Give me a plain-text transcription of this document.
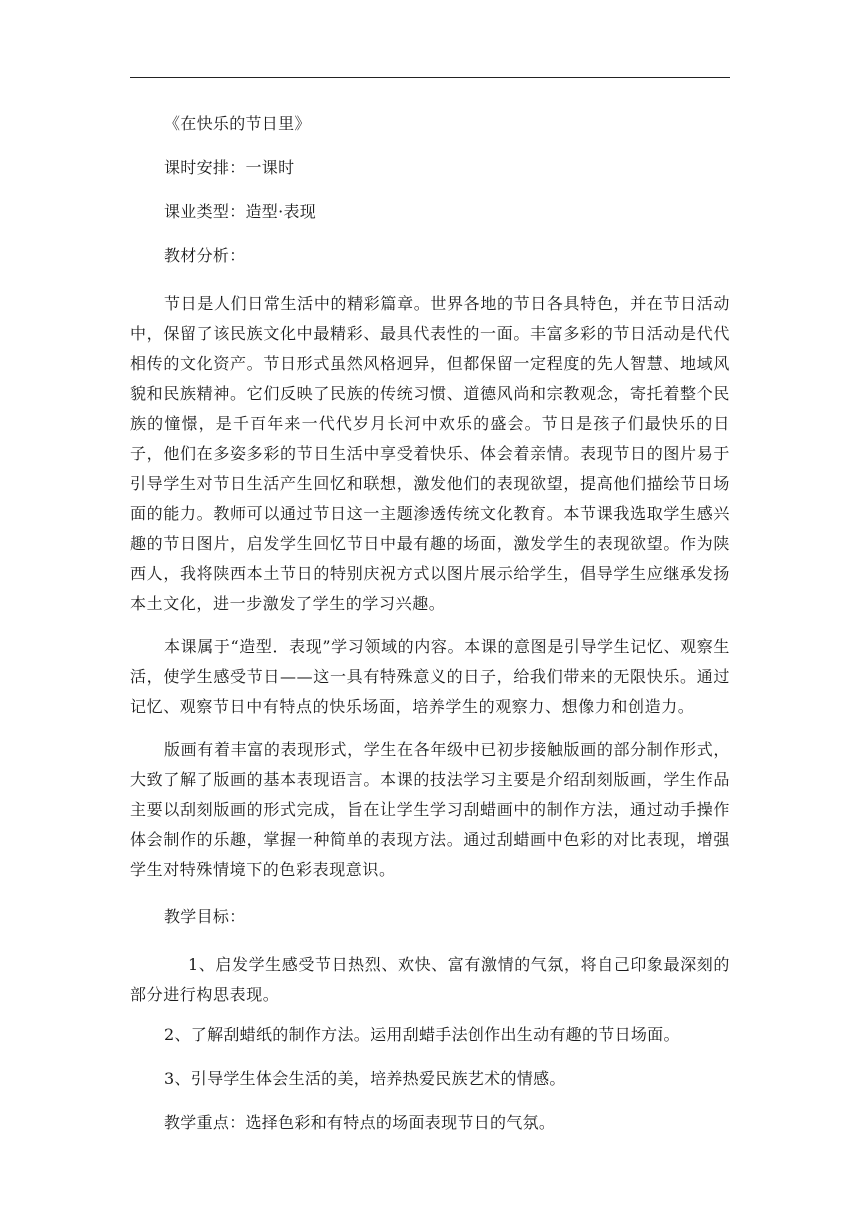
《在快乐的节日里》

课时安排：一课时

课业类型：造型·表现

教材分析：

节日是人们日常生活中的精彩篇章。世界各地的节日各具特色，并在节日活动中，保留了该民族文化中最精彩、最具代表性的一面。丰富多彩的节日活动是代代相传的文化资产。节日形式虽然风格迥异，但都保留一定程度的先人智慧、地域风貌和民族精神。它们反映了民族的传统习惯、道德风尚和宗教观念，寄托着整个民族的憧憬，是千百年来一代代岁月长河中欢乐的盛会。节日是孩子们最快乐的日子，他们在多姿多彩的节日生活中享受着快乐、体会着亲情。表现节日的图片易于引导学生对节日生活产生回忆和联想，激发他们的表现欲望，提高他们描绘节日场面的能力。教师可以通过节日这一主题渗透传统文化教育。本节课我选取学生感兴趣的节日图片，启发学生回忆节日中最有趣的场面，激发学生的表现欲望。作为陕西人，我将陕西本土节日的特别庆祝方式以图片展示给学生，倡导学生应继承发扬本土文化，进一步激发了学生的学习兴趣。

本课属于“造型．表现”学习领域的内容。本课的意图是引导学生记忆、观察生活，使学生感受节日——这一具有特殊意义的日子，给我们带来的无限快乐。通过记忆、观察节日中有特点的快乐场面，培养学生的观察力、想像力和创造力。

版画有着丰富的表现形式，学生在各年级中已初步接触版画的部分制作形式，大致了解了版画的基本表现语言。本课的技法学习主要是介绍刮刻版画，学生作品主要以刮刻版画的形式完成，旨在让学生学习刮蜡画中的制作方法，通过动手操作体会制作的乐趣，掌握一种简单的表现方法。通过刮蜡画中色彩的对比表现，增强学生对特殊情境下的色彩表现意识。

教学目标：

1、启发学生感受节日热烈、欢快、富有激情的气氛，将自己印象最深刻的部分进行构思表现。

2、了解刮蜡纸的制作方法。运用刮蜡手法创作出生动有趣的节日场面。

3、引导学生体会生活的美，培养热爱民族艺术的情感。

教学重点：选择色彩和有特点的场面表现节日的气氛。
